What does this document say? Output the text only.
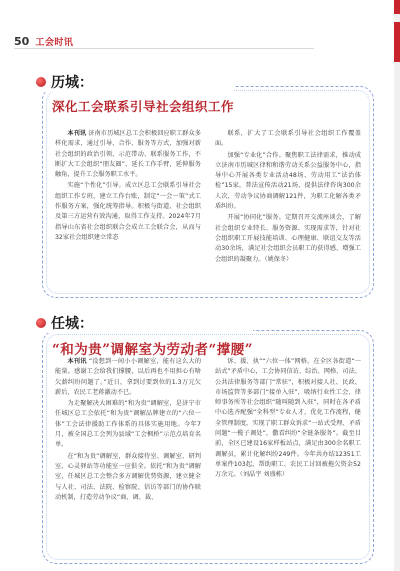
50 工会时讯
历城：
深化工会联系引导社会组织工作

本刊讯 济南市历城区总工会积极回应职工群众多样化需求，通过引导、合作、服务等方式，加强对新社会组织的政治引领、示范带动、联系服务工作，不断扩大工会组织“朋友圈”，延长工作手臂，延伸服务触角，提升工会服务职工水平。

实施“个性化”引导。成立区总工会联系引导社会组织工作专班，建立工作台账，制定“一会一策”式工作服务方案，强化统筹指导。积极与街道、社会组织及第三方运营有效沟通，取得工作支持。2024年7月指导山东省社会组织联合会成立工会联合会，从而与32家社会组织建立常态

联系，扩大了工会联系引导社会组织工作覆盖面。

加强“专业化”合作。聚焦职工法律需求，推动成立济南市历城区律和和谐劳动关系公益服务中心，指导中心开展各类专业活动48场、劳动用工“法治体检”15家，普法宣传活动21场，提供法律咨询300余人次，劳动争议协商调解121件，为职工化解各类矛盾纠纷。

开展“协同化”服务。定期召开交流座谈会，了解社会组织专业特长、服务资源、实现需求等，针对社会组织职工开展技能培训、心理健康、联谊交友等活动30余场，满足社会组织会员职工的获得感、增强工会组织的凝聚力。（姚保冬）

任城：
“和为贵”调解室为劳动者“撑腰”

本刊讯 “没想到一间小小调解室，能有这么大的能量。感谢工会给我们撑腰，以后再也不用担心有啥欠薪纠纷问题了。”近日，拿到讨要到位的1.3万元欠薪后，农民工老蒋激动不已。

为走聚解决大困难的“和为贵”调解室，是济宁市任城区总工会依托“和为贵”调解品牌建立的“六位一体”工会法律援助工作体系的具体实施用地。今年7月，被全国总工会列为县域“工会枫桥”示范点培育名单。

在“和为贵”调解室，群众接待室、调解室、研判室、心灵驿站等功能室一应俱全。依托“和为贵”调解室，任城区总工会整合多方调解优势资源，建立健全与人社、司法、法院、检察院、信访等部门的协作联动机制，打造劳动争议“商、调、裁、

诉、援、执”“六位一体”网格。在全区各街道“一站式”矛盾中心，工会协同信访、综治、网格、司法、公共法律服务等部门“常驻”，积极对接人社、民政、市场监管等多部门“接单入驻”，吸纳行业性工会、律师事务所等社会组织“随叫随到入驻”，同时在各矛盾中心选齐配强“全科型”专业人才，优化工作流程，健全管理制度，实现了职工群众诉求“一站式受理、矛盾问题“一揽子调处”，撒看纠纷“全链条服务”。截至目前，全区已建设16家样板站点，满足由300余名职工调解员，累计化解纠纷249件。今年共办结12351工单案件103起，帮助职工、农民工讨回被拖欠资金52万余元。（刘晶宇 刘盛栋）
